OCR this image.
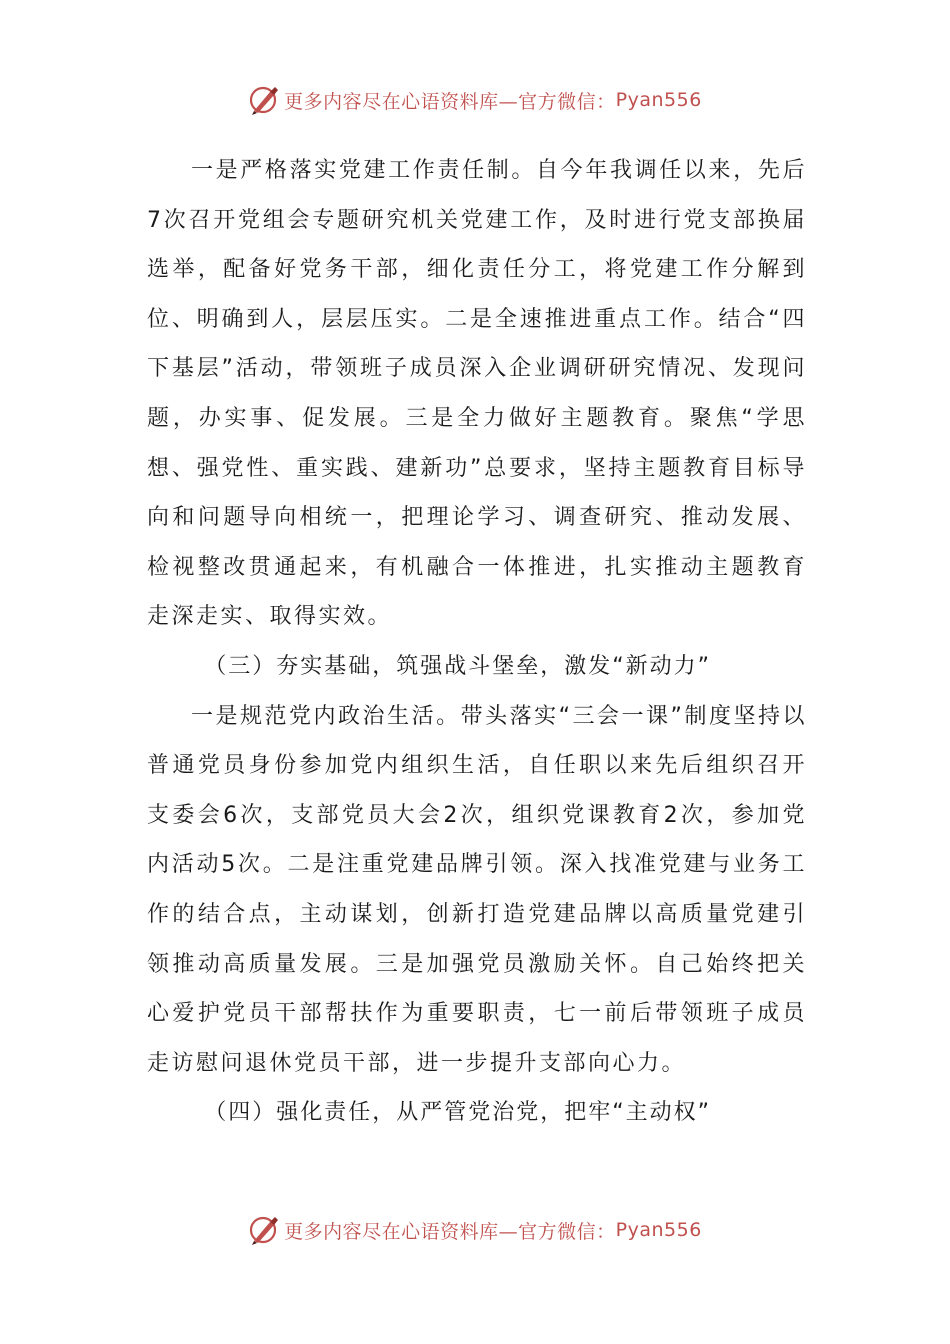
更多内容尽在心语资料库—官方微信： Pyan556

一是严格落实党建工作责任制。自今年我调任以来，先后7次召开党组会专题研究机关党建工作，及时进行党支部换届选举，配备好党务干部，细化责任分工，将党建工作分解到位、明确到人，层层压实。二是全速推进重点工作。结合“四下基层”活动，带领班子成员深入企业调研研究情况、发现问题，办实事、促发展。三是全力做好主题教育。聚焦“学思想、强党性、重实践、建新功”总要求，坚持主题教育目标导向和问题导向相统一，把理论学习、调查研究、推动发展、检视整改贯通起来，有机融合一体推进，扎实推动主题教育走深走实、取得实效。

（三）夯实基础，筑强战斗堡垒，激发“新动力”

一是规范党内政治生活。带头落实“三会一课”制度坚持以普通党员身份参加党内组织生活，自任职以来先后组织召开支委会6次，支部党员大会2次，组织党课教育2次，参加党内活动5次。二是注重党建品牌引领。深入找准党建与业务工作的结合点，主动谋划，创新打造党建品牌以高质量党建引领推动高质量发展。三是加强党员激励关怀。自己始终把关心爱护党员干部帮扶作为重要职责，七一前后带领班子成员走访慰问退休党员干部，进一步提升支部向心力。

（四）强化责任，从严管党治党，把牢“主动权”

更多内容尽在心语资料库—官方微信： Pyan556
